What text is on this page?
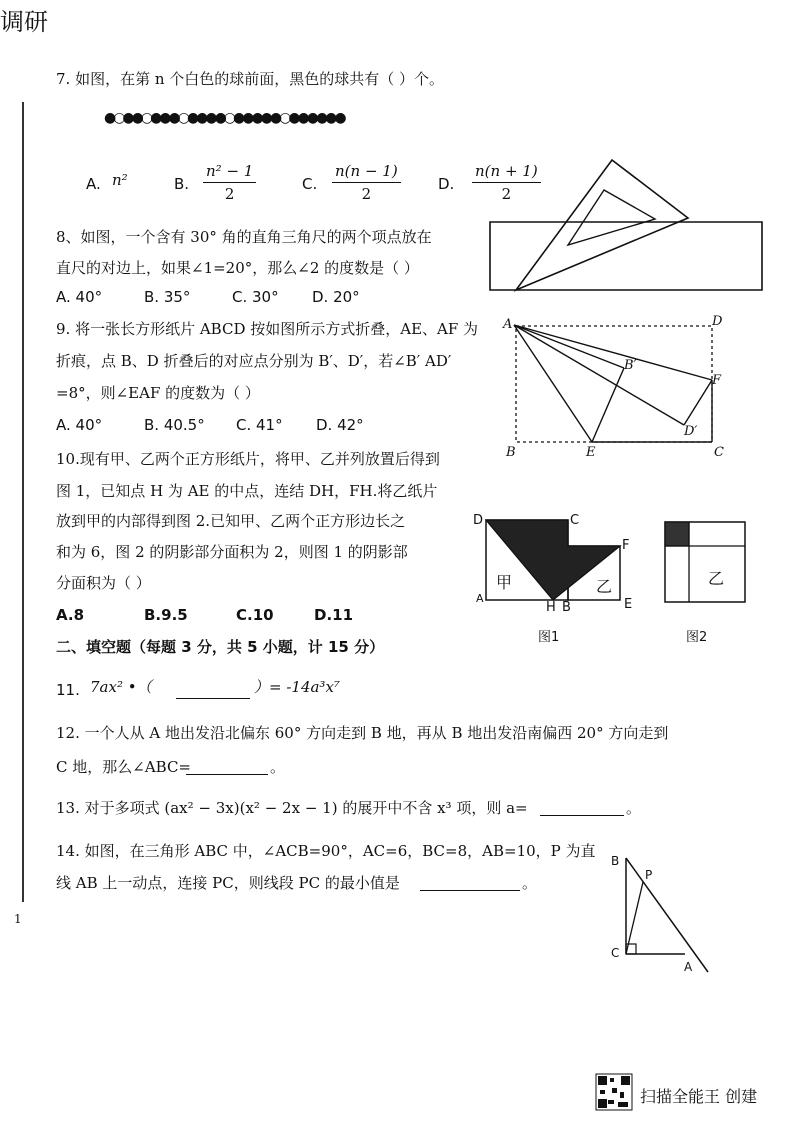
调研
1
7. 如图，在第 n 个白色的球前面，黑色的球共有（ ）个。
●○●●○●●●○●●●●○●●●●●○●●●●●●
A. n²	B. $\frac{\text{n² − 1}}{2}$	C. $\frac{n(n - 1)}{2} D$. $\frac{n(n + 1)}{2}$
8、如图，一个含有 30° 角的直角三角尺的两个项点放在
直尺的对边上，如果∠1=20°，那么∠2 的度数是（ ）
A. 40°	B. 35°	C. 30° D. 20°
9. 将一张长方形纸片 ABCD 按如图所示方式折叠，AE、AF 为
折痕，点 B、D 折叠后的对应点分别为 B′、D′，若∠B′ AD′
=8°，则∠EAF 的度数为（ ）
A. 40°	B. 40.5° C. 41° D. 42°
A	D
B	E	C
F
B′
D′
10.现有甲、乙两个正方形纸片，将甲、乙并列放置后得到
图 1，已知点 H 为 AE 的中点，连结 DH，FH.将乙纸片
放到甲的内部得到图 2.已知甲、乙两个正方形边长之
和为 6，图 2 的阴影部分面积为 2，则图 1 的阴影部
分面积为（ ）
A.8	B.9.5	C.10	D.11
D	C
F
A
H B	E
甲	乙
图1
乙
图2
二、填空题（每题 3 分，共 5 小题，计 15 分）
11. 7ax² •（	）= -14a³x⁷
12. 一个人从 A 地出发沿北偏东 60° 方向走到 B 地，再从 B 地出发沿南偏西 20° 方向走到
C 地，那么∠ABC=	。
13. 对于多项式 (ax² − 3x)(x² − 2x − 1) 的展开中不含 x³ 项，则 a=	。
14. 如图，在三角形 ABC 中，∠ACB=90°，AC=6，BC=8，AB=10，P 为直
线 AB 上一动点，连接 PC，则线段 PC 的最小值是	。
B
P
C
A
扫描全能王 创建
